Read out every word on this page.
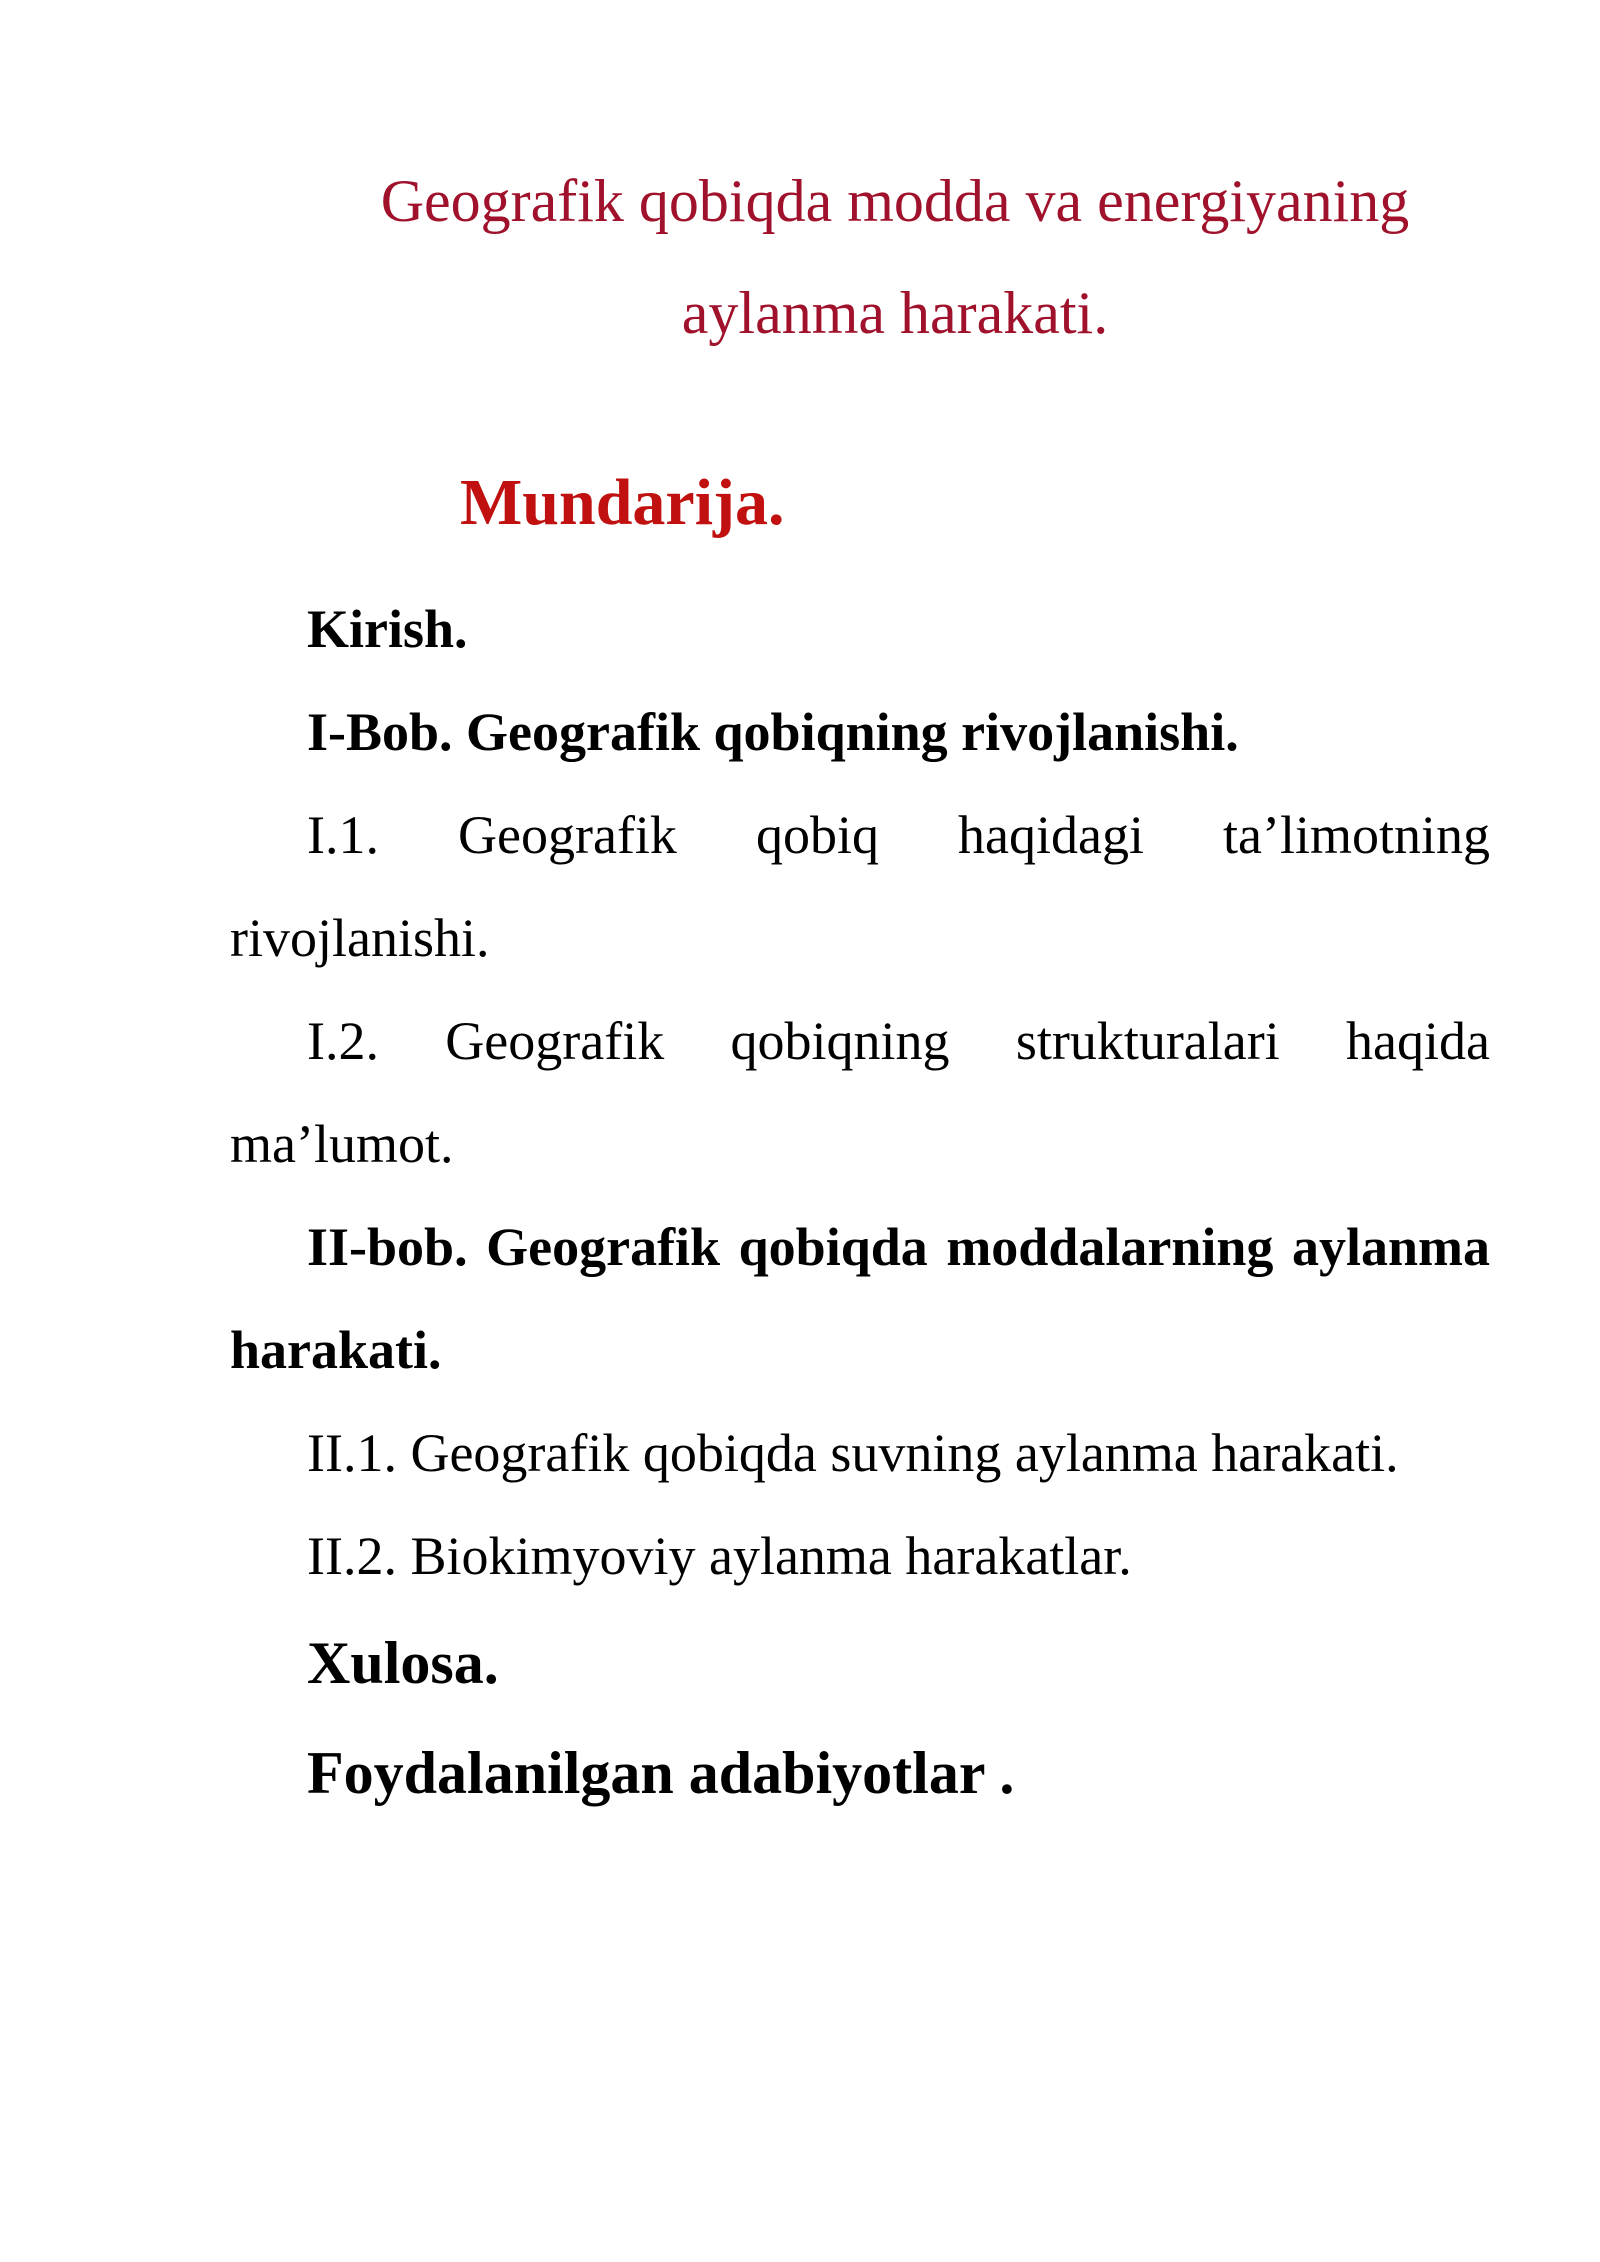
Geografik qobiqda modda va energiyaning aylanma harakati.
Mundarija.
Kirish.
I-Bob. Geografik qobiqning rivojlanishi.
I.1. Geografik qobiq haqidagi ta’limotning rivojlanishi.
I.2. Geografik qobiqning strukturalari haqida ma’lumot.
II-bob. Geografik qobiqda moddalarning aylanma harakati.
II.1. Geografik qobiqda suvning aylanma harakati.
II.2. Biokimyoviy aylanma harakatlar.
Xulosa.
Foydalanilgan adabiyotlar .
